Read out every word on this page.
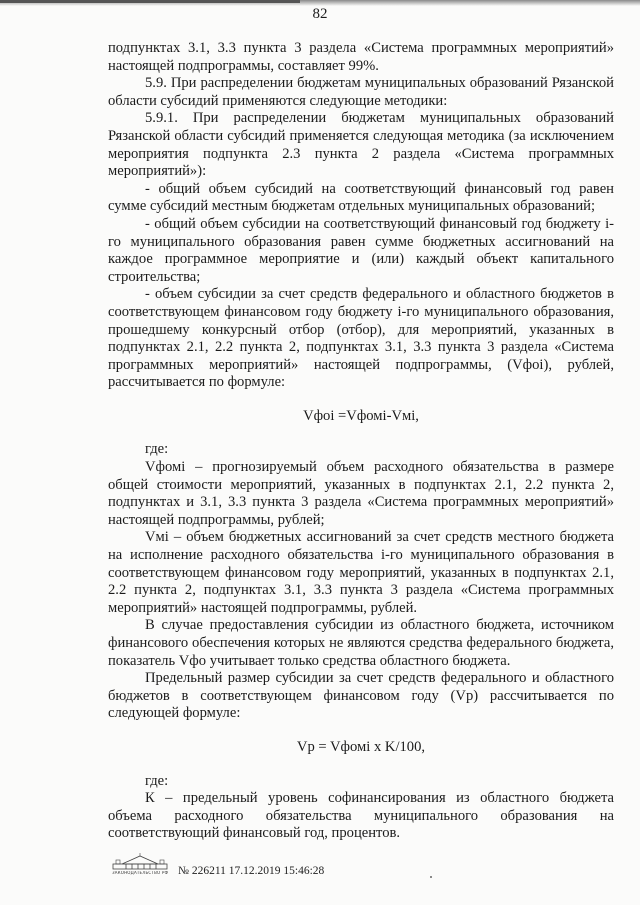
82

подпунктах 3.1, 3.3 пункта 3 раздела «Система программных мероприятий» настоящей подпрограммы, составляет 99%.

5.9. При распределении бюджетам муниципальных образований Рязанской области субсидий применяются следующие методики:

5.9.1. При распределении бюджетам муниципальных образований Рязанской области субсидий применяется следующая методика (за исключением мероприятия подпункта 2.3 пункта 2 раздела «Система программных мероприятий»):

- общий объем субсидий на соответствующий финансовый год равен сумме субсидий местным бюджетам отдельных муниципальных образований;

- общий объем субсидии на соответствующий финансовый год бюджету i-го муниципального образования равен сумме бюджетных ассигнований на каждое программное мероприятие и (или) каждый объект капитального строительства;

- объем субсидии за счет средств федерального и областного бюджетов в соответствующем финансовом году бюджету i-го муниципального образования, прошедшему конкурсный отбор (отбор), для мероприятий, указанных в подпунктах 2.1, 2.2 пункта 2, подпунктах 3.1, 3.3 пункта 3 раздела «Система программных мероприятий» настоящей подпрограммы, (Vфоi), рублей, рассчитывается по формуле:

Vфоi =Vфомi-Vмi,

где:

Vфомi – прогнозируемый объем расходного обязательства в размере общей стоимости мероприятий, указанных в подпунктах 2.1, 2.2 пункта 2, подпунктах и 3.1, 3.3 пункта 3 раздела «Система программных мероприятий» настоящей подпрограммы, рублей;

Vмi – объем бюджетных ассигнований за счет средств местного бюджета на исполнение расходного обязательства i-го муниципального образования в соответствующем финансовом году мероприятий, указанных в подпунктах 2.1, 2.2 пункта 2, подпунктах 3.1, 3.3 пункта 3 раздела «Система программных мероприятий» настоящей подпрограммы, рублей.

В случае предоставления субсидии из областного бюджета, источником финансового обеспечения которых не являются средства федерального бюджета, показатель Vфо учитывает только средства областного бюджета.

Предельный размер субсидии за счет средств федерального и областного бюджетов в соответствующем финансовом году (Vp) рассчитывается по следующей формуле:

Vp = Vфомi х K/100,

где:

К – предельный уровень софинансирования из областного бюджета объема расходного обязательства муниципального образования на соответствующий финансовый год, процентов.

ЗАКОНОДАТЕЛЬСТВО РФ № 226211 17.12.2019 15:46:28
